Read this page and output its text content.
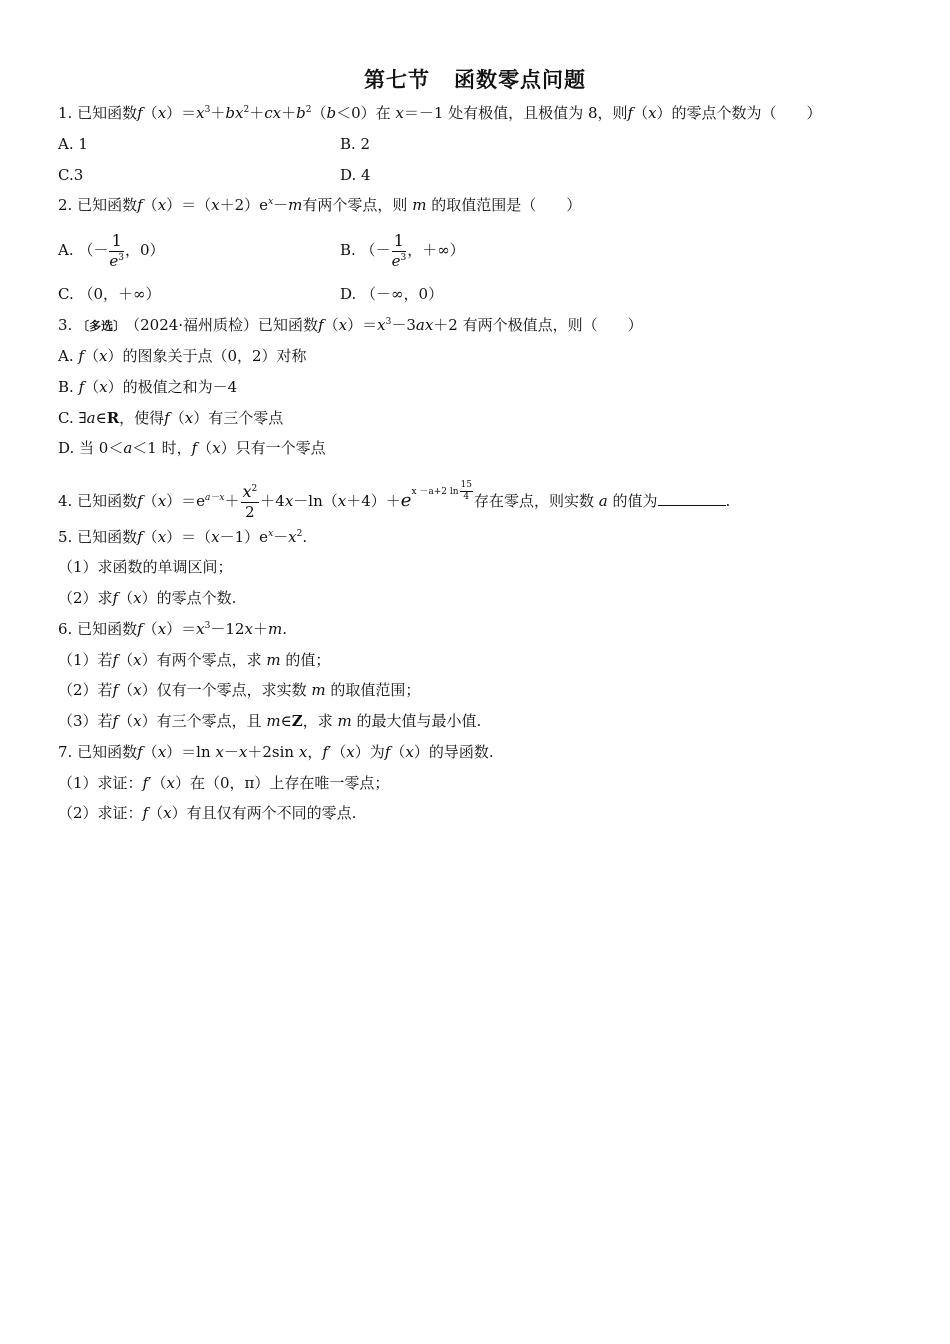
第七节 函数零点问题
1. 已知函数$f(x)=x^3+bx^2+cx+b^2(b<0)$在 x＝－1 处有极值，且极值为 8，则f（x）的零点个数为（　　）
A. 1	B. 2
C.3	D. 4
2. 已知函数$f(x)=(x+2)e^x-m$有两个零点，则 m 的取值范围是（　　）
A. （－ $\frac{1}{e^3}$ ，0）	B. （－ $\frac{1}{e^3}$ ，＋∞）
C. （0，＋∞）	D. （－∞，0）
3. 〔多选〕（2024·福州质检）已知函数$f(x)=x^3-3ax+2$ 有两个极值点，则（　　）
A. f（x）的图象关于点（0，2）对称
B. f（x）的极值之和为－4
C. ∃a∈R，使得f（x）有三个零点
D. 当 0＜a＜1 时，f（x）只有一个零点
4. 已知函数$f(x)=e^{a-x}+ \frac{x^2}{2} +4x-\ln(x+4)+ex -a+2$ $\ln \frac{15}{4}$ 存在零点，则实数 a 的值为	.
5. 已知函数$f(x)=(x-1)e^x-x^2$.
（1）求函数的单调区间；
（2）求f（x）的零点个数.
6. 已知函数$f(x)=x^3-12x+m$.
（1）若f（x）有两个零点，求 m 的值；
（2）若f（x）仅有一个零点，求实数 m 的取值范围；
（3）若f（x）有三个零点，且 m∈Z，求 m 的最大值与最小值.
7. 已知函数f（x）＝ln x－x＋2sin x，f′（x）为f（x）的导函数.
（1）求证：f′（x）在（0，π）上存在唯一零点；
（2）求证：f（x）有且仅有两个不同的零点.
